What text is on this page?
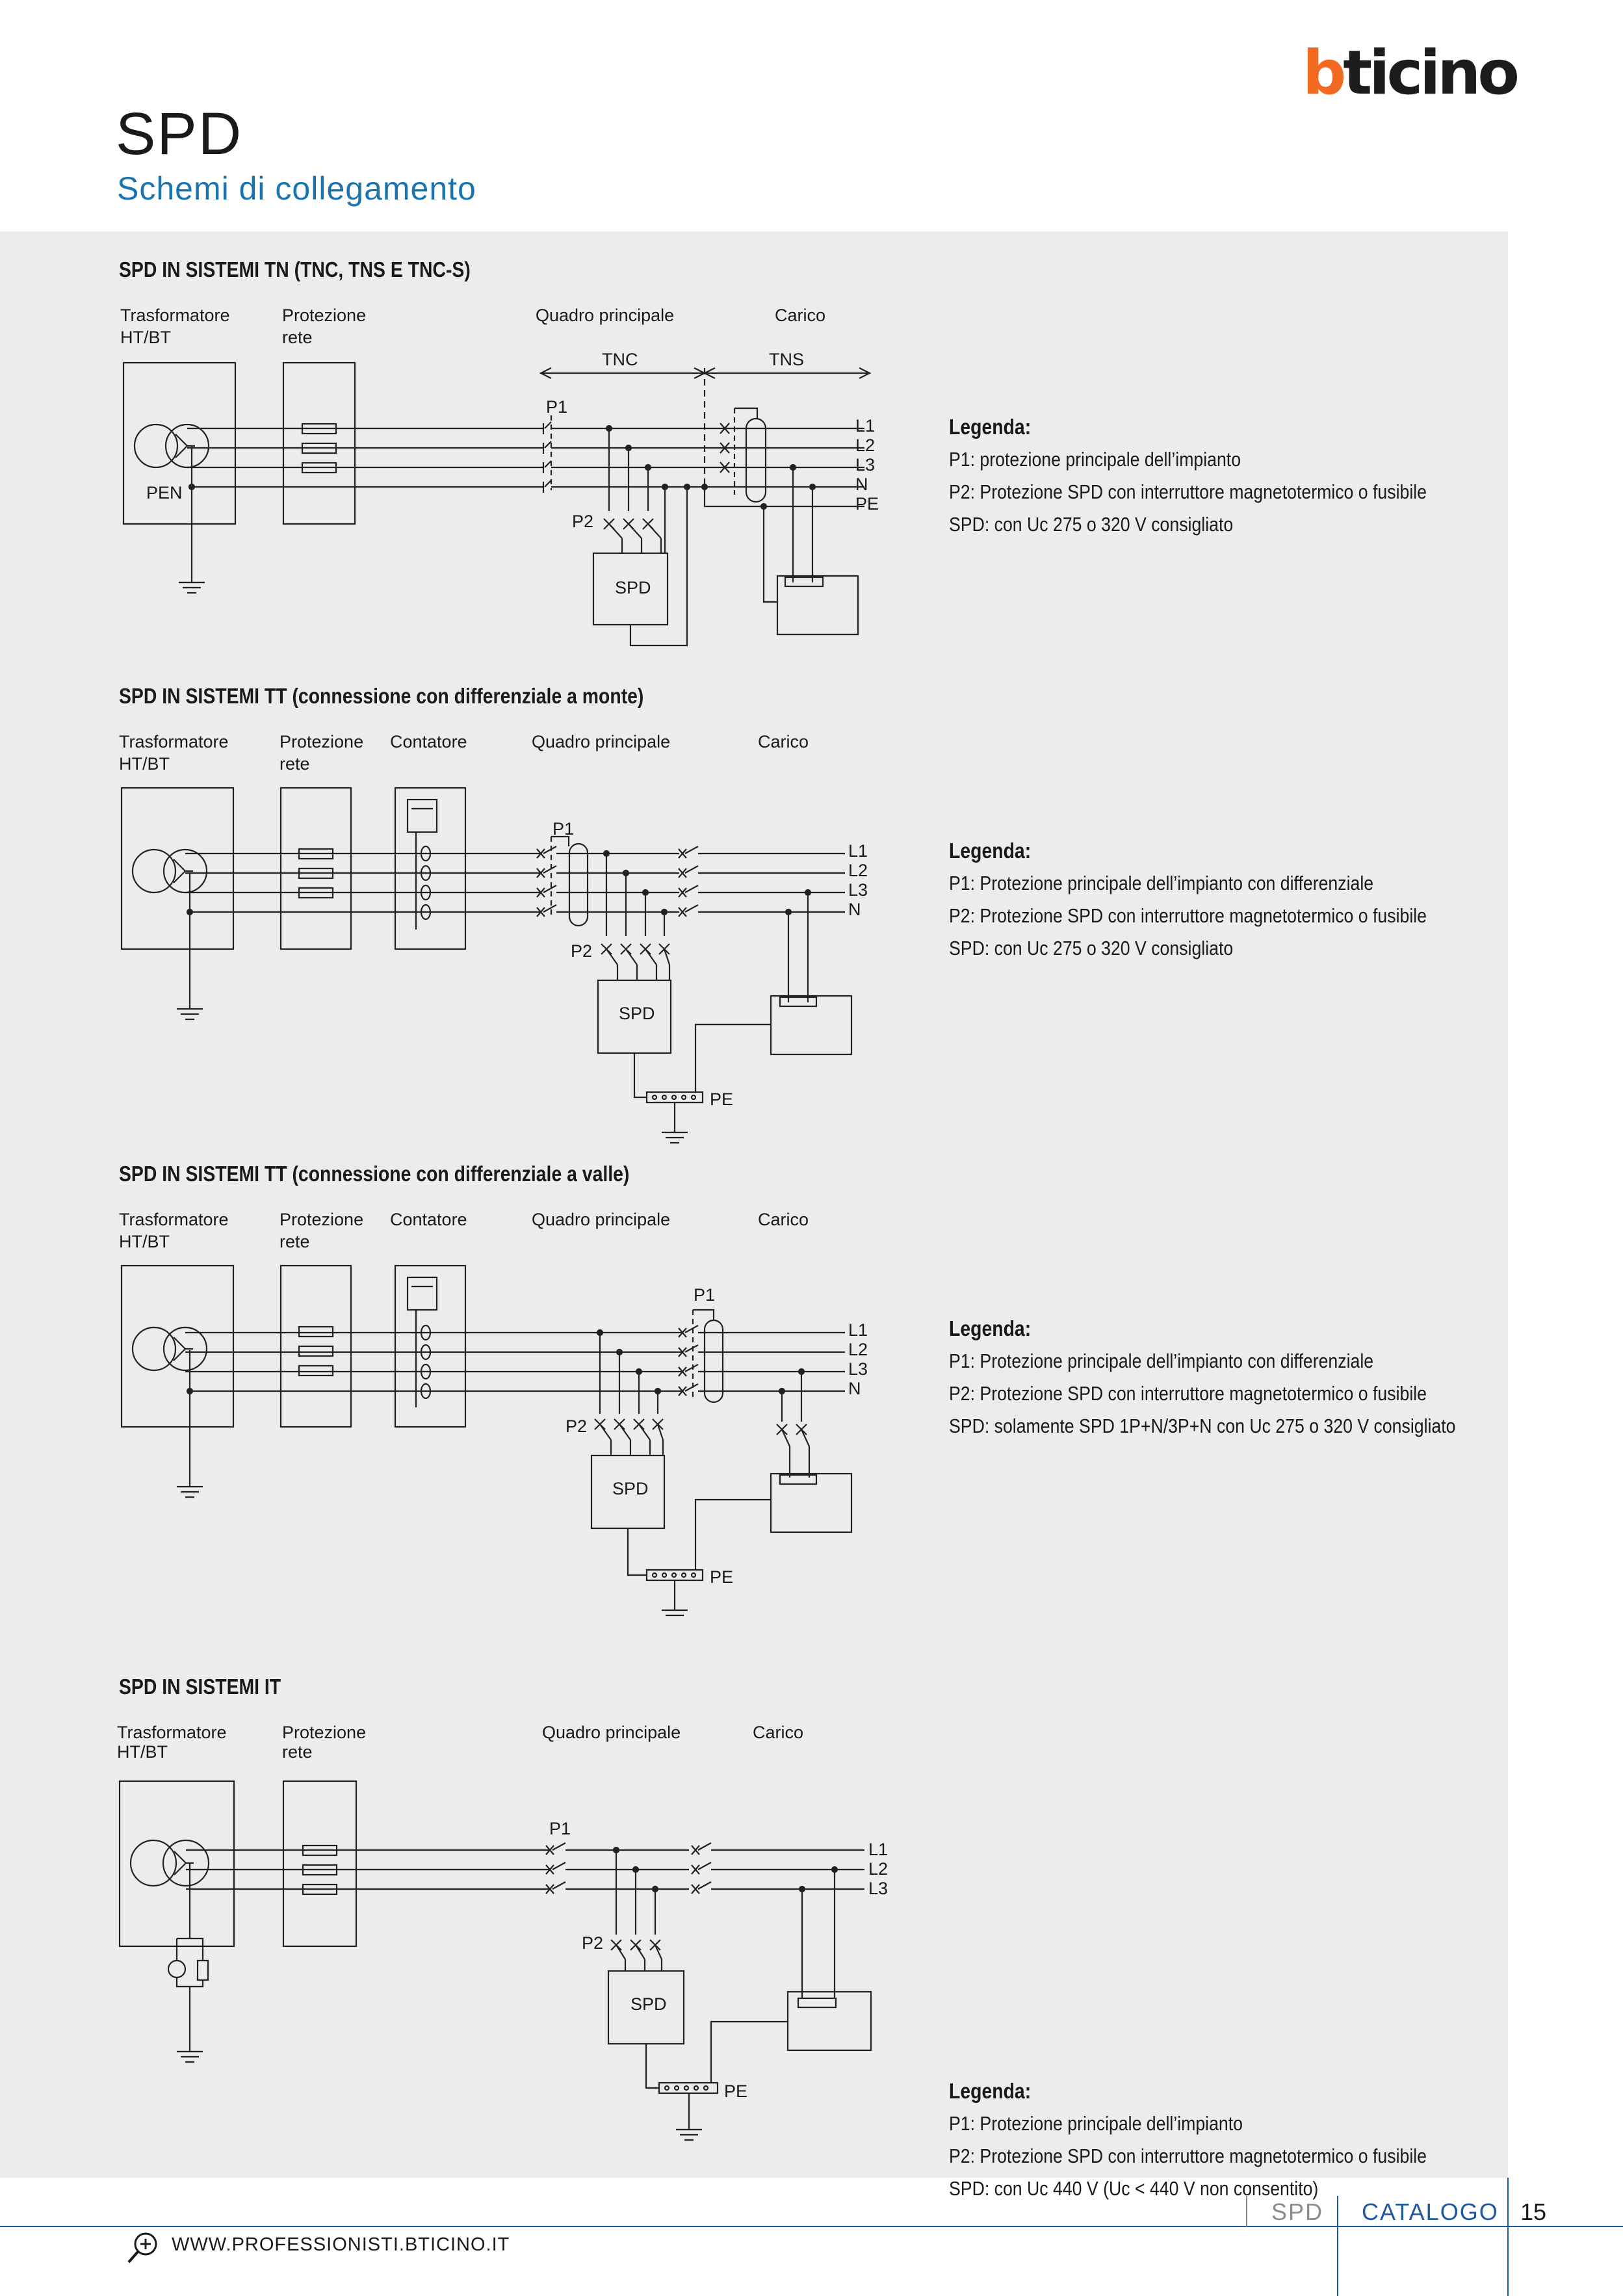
bticino
SPD
Schemi di collegamento
SPD IN SISTEMI TN (TNC, TNS E TNC-S)
Trasformatore
HT/BT
Protezione
rete
Quadro principale	Carico
TNC	TNS
P1
P2
SPD
PEN
L1
L2
L3
N
PE
Legenda:
P1: protezione principale dell’impianto
P2: Protezione SPD con interruttore magnetotermico o fusibile
SPD: con Uc 275 o 320 V consigliato
SPD IN SISTEMI TT (connessione con differenziale a monte)
Trasformatore
HT/BT
Protezione
rete
Contatore	Quadro principale	Carico
P1
P2
SPD
L1
L2
L3
N
PE
Legenda:
P1: Protezione principale dell’impianto con differenziale
P2: Protezione SPD con interruttore magnetotermico o fusibile
SPD: con Uc 275 o 320 V consigliato
SPD IN SISTEMI TT (connessione con differenziale a valle)
Trasformatore
HT/BT
Protezione
rete
Contatore	Quadro principale	Carico
P1
P2
SPD
L1
L2
L3
N
PE
Legenda:
P1: Protezione principale dell’impianto con differenziale
P2: Protezione SPD con interruttore magnetotermico o fusibile
SPD: solamente SPD 1P+N/3P+N con Uc 275 o 320 V consigliato
SPD IN SISTEMI IT
Trasformatore
HT/BT
Protezione
rete
Quadro principale	Carico
P1
P2
SPD
L1
L2
L3
PE	Legenda:
P1: Protezione principale dell’impianto
P2: Protezione SPD con interruttore magnetotermico o fusibile
SPD: con Uc 440 V (Uc < 440 V non consentito)
SPD CATALOGO 15
WWW.PROFESSIONISTI.BTICINO.IT
